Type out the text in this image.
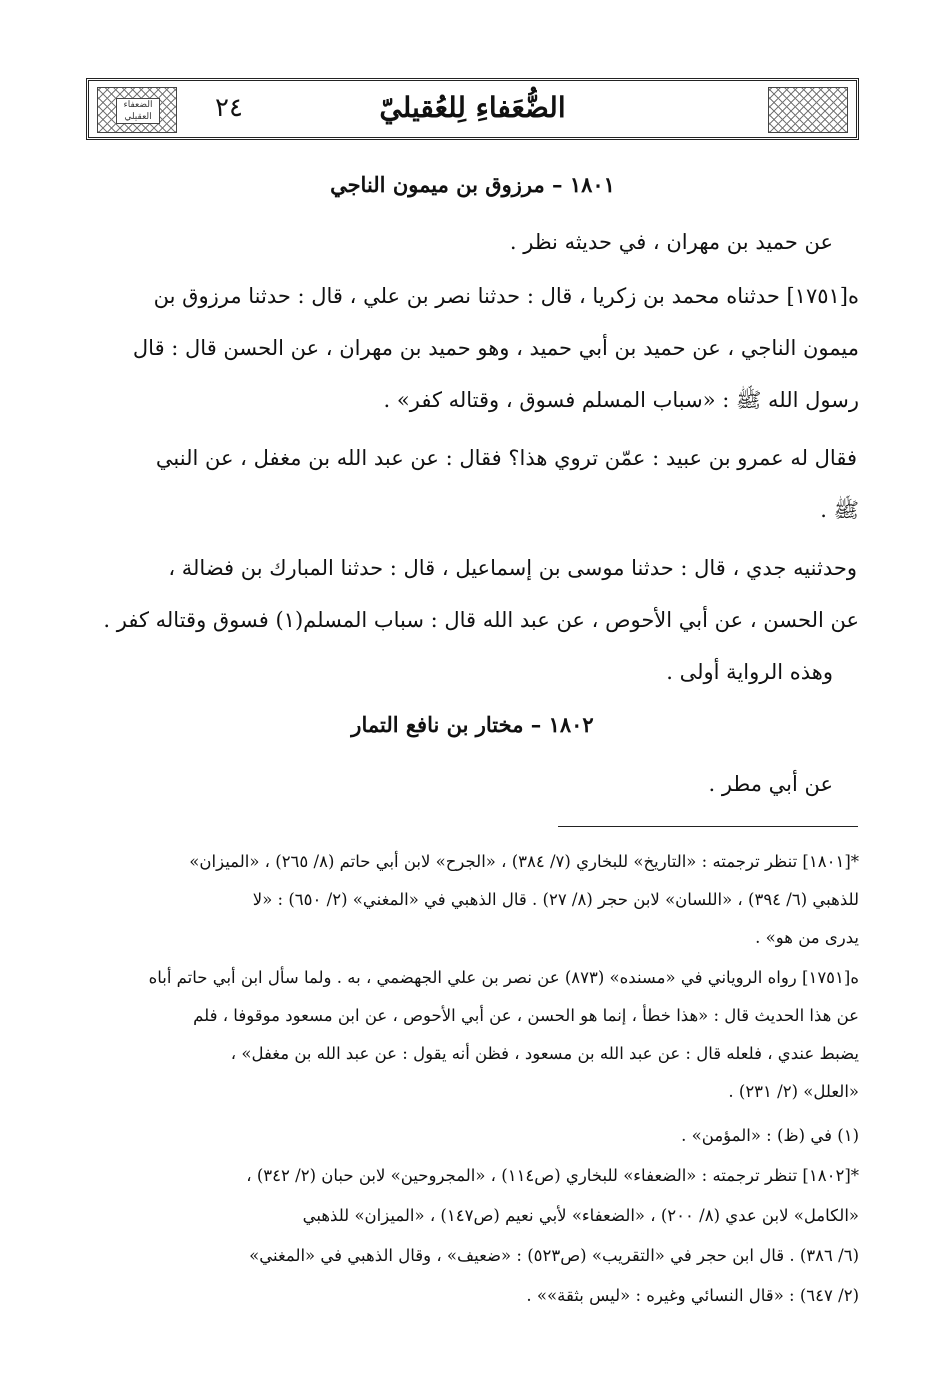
الضعفاء العقيلي	٢٤	الضُّعَفاءِ لِلعُقيليّ
١٨٠١ – مرزوق بن ميمون الناجي
عن حميد بن مهران ، في حديثه نظر .
ه[١٧٥١] حدثناه محمد بن زكريا ، قال : حدثنا نصر بن علي ، قال : حدثنا مرزوق بن
ميمون الناجي ، عن حميد بن أبي حميد ، وهو حميد بن مهران ، عن الحسن قال : قال
رسول الله ﷺ : «سباب المسلم فسوق ، وقتاله كفر» .
فقال له عمرو بن عبيد : عمّن تروي هذا؟ فقال : عن عبد الله بن مغفل ، عن النبي
ﷺ .
وحدثنيه جدي ، قال : حدثنا موسى بن إسماعيل ، قال : حدثنا المبارك بن فضالة ،
عن الحسن ، عن أبي الأحوص ، عن عبد الله قال : سباب المسلم(١) فسوق وقتاله كفر .
وهذه الرواية أولى .
١٨٠٢ – مختار بن نافع التمار
عن أبي مطر .
*[١٨٠١] تنظر ترجمته : «التاريخ» للبخاري (٧/ ٣٨٤) ، «الجرح» لابن أبي حاتم (٨/ ٢٦٥) ، «الميزان»
للذهبي (٦/ ٣٩٤) ، «اللسان» لابن حجر (٨/ ٢٧) . قال الذهبي في «المغني» (٢/ ٦٥٠) : «لا
يدرى من هو» .
ه[١٧٥١] رواه الروياني في «مسنده» (٨٧٣) عن نصر بن علي الجهضمي ، به . ولما سأل ابن أبي حاتم أباه
عن هذا الحديث قال : «هذا خطأ ، إنما هو الحسن ، عن أبي الأحوص ، عن ابن مسعود موقوفا ، فلم
يضبط عندي ، فلعله قال : عن عبد الله بن مسعود ، فظن أنه يقول : عن عبد الله بن مغفل» ،
«العلل» (٢/ ٢٣١) .
(١) في (ظ) : «المؤمن» .
*[١٨٠٢] تنظر ترجمته : «الضعفاء» للبخاري (ص١١٤) ، «المجروحين» لابن حبان (٢/ ٣٤٢) ،
«الكامل» لابن عدي (٨/ ٢٠٠) ، «الضعفاء» لأبي نعيم (ص١٤٧) ، «الميزان» للذهبي
(٦/ ٣٨٦) . قال ابن حجر في «التقريب» (ص٥٢٣) : «ضعيف» ، وقال الذهبي في «المغني»
(٢/ ٦٤٧) : «قال النسائي وغيره : «ليس بثقة»» .
